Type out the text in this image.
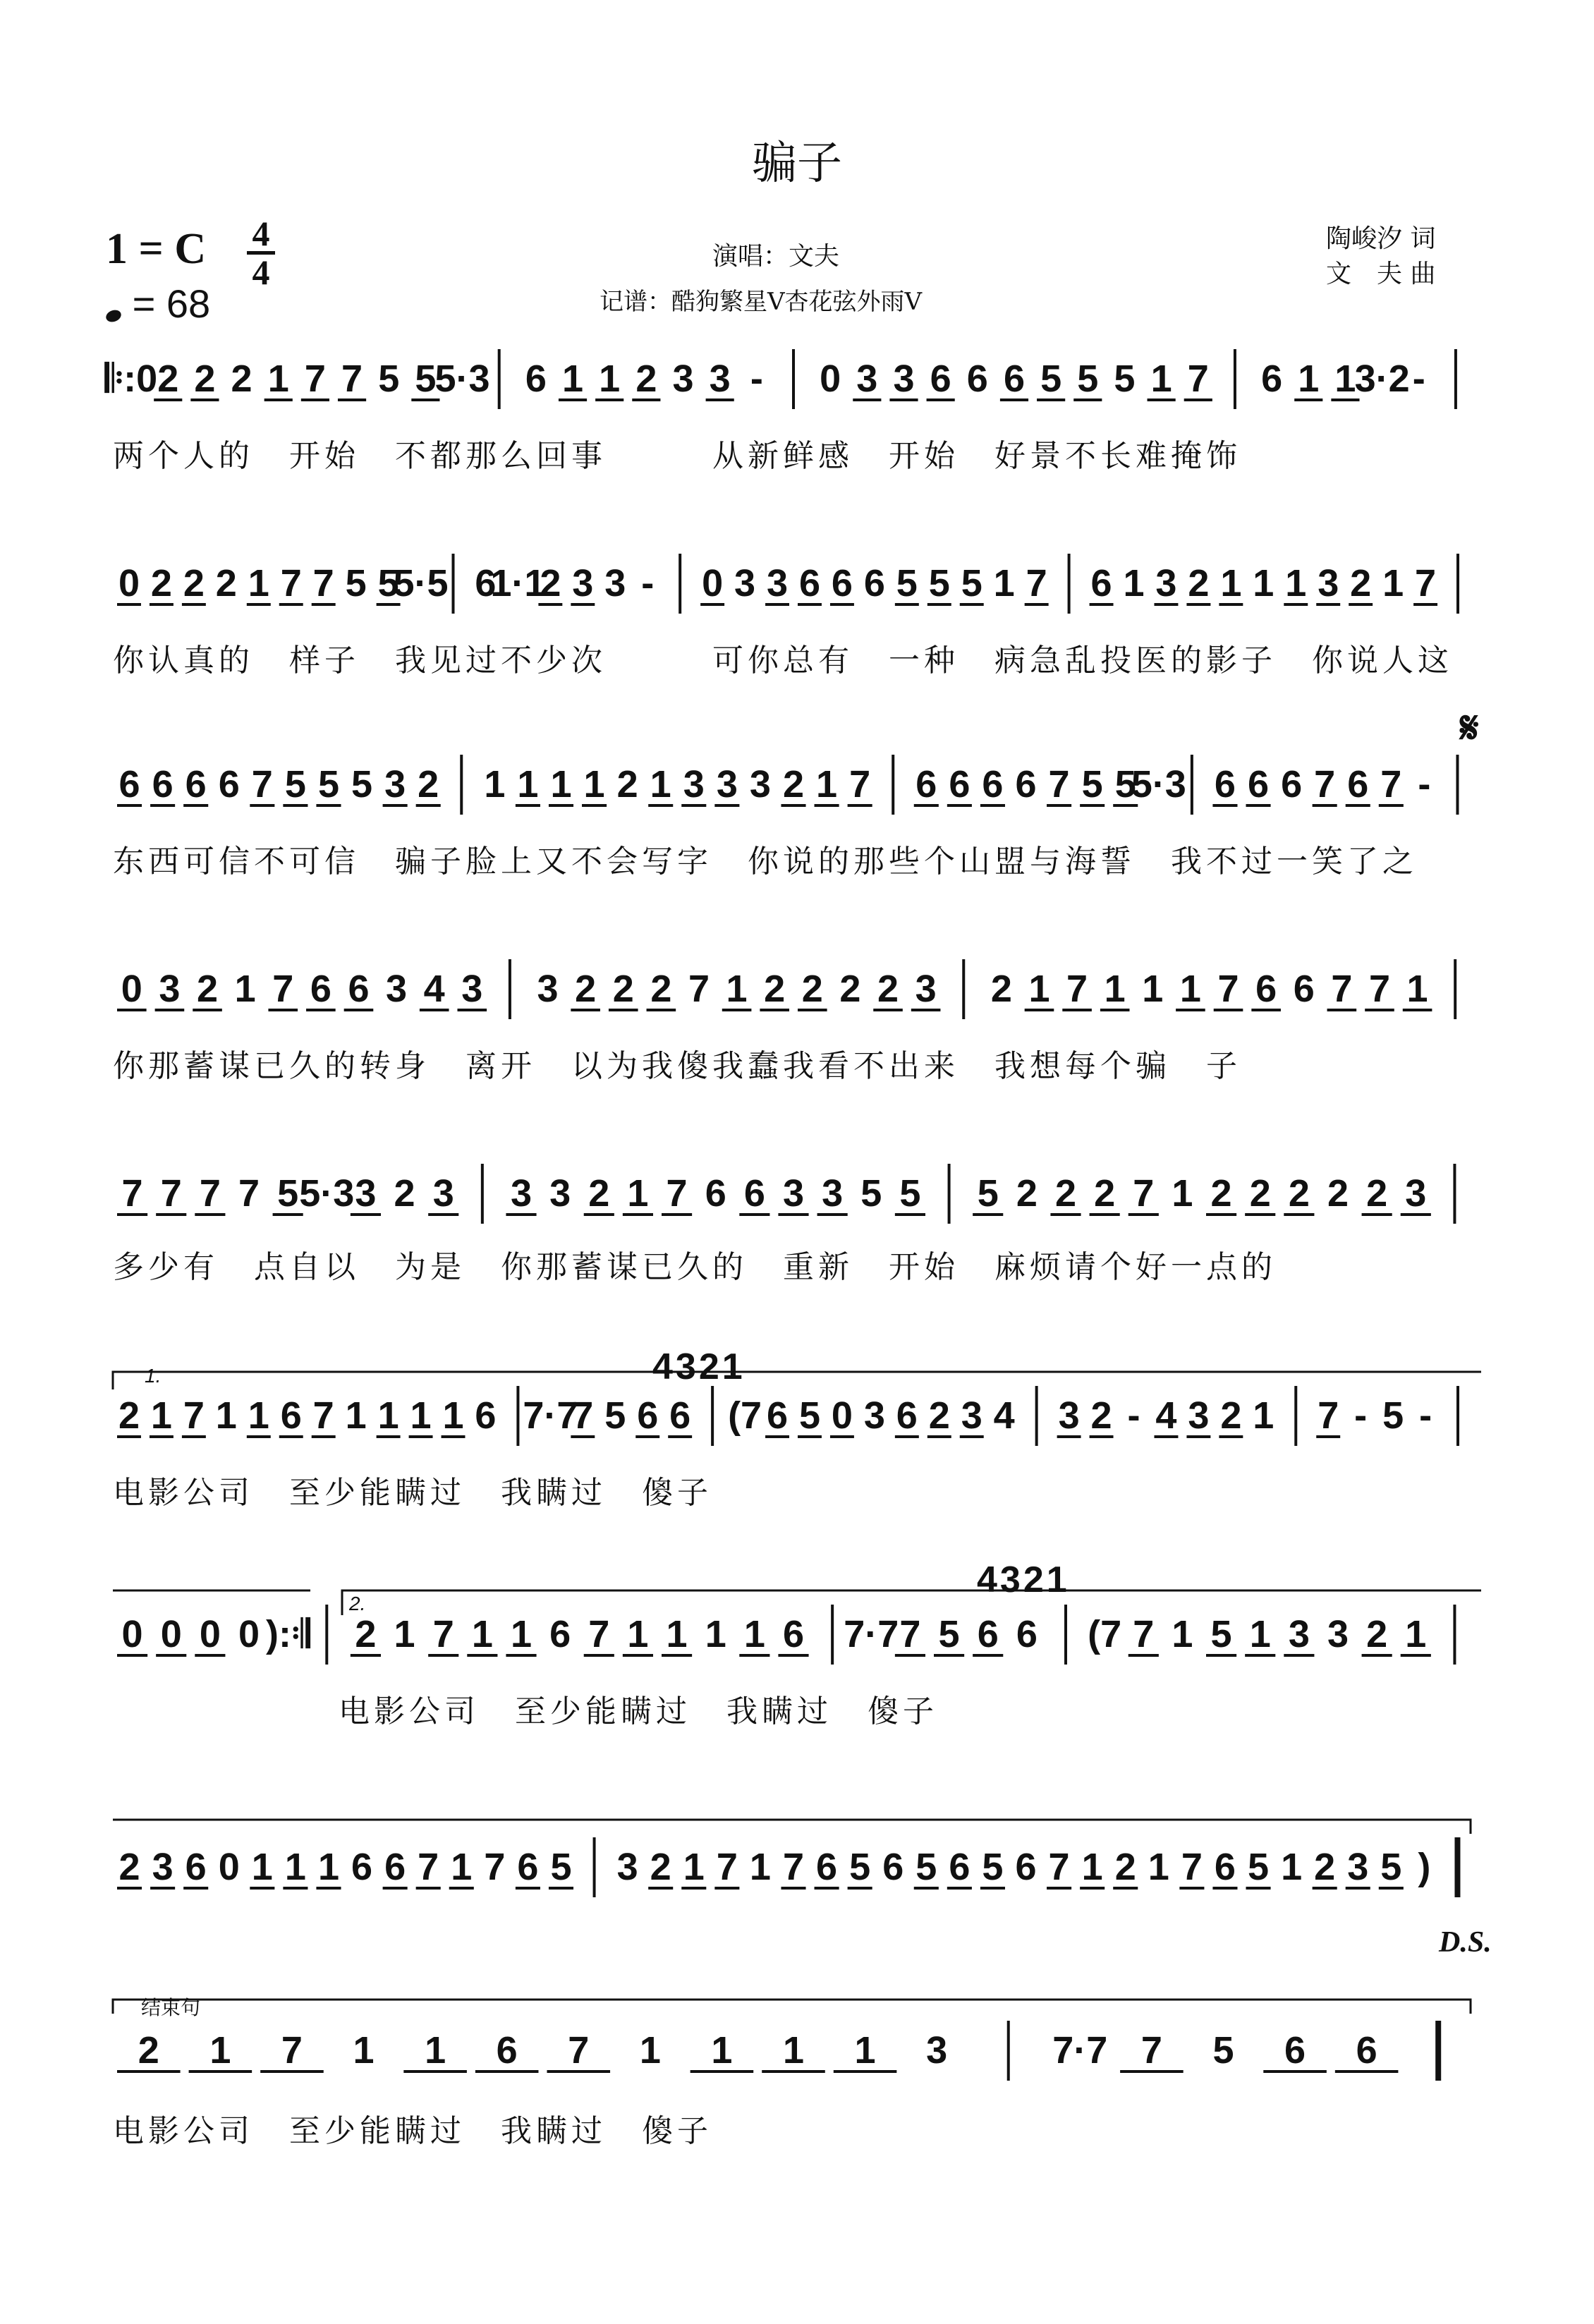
𝄆:0 2 2 2 1 7 7 5 5
5·3 6 1 1 2 3 3 - 0 3 3 6 6 6 5 5 5 1 7 6 1 1
3·2 -
0 2 2 2 1 7 7 5 5
5·5 6
1·1
2 3 3 - 0 3 3 6 6 6 5 5 5 1 7 6 1 3 2 1 1 1 3 2 1 7
6 6 6 6 7 5 5 5 3 2 1 1 1 1 2 1 3 3 3 2 1 7 6 6 6 6 7 5 5
5·3 6 6 6 7 6 7 -
0 3 2 1 7 6 6 3 4 3 3 2 2 2 7 1 2 2 2 2 3 2 1 7 1 1 1 7 6 6 7 7 1
7 7 7 7 5 5·3 3 2 3 3 3 2 1 7 6 6 3 3 5 5 5 2 2 2 7 1 2 2 2 2 2 3
2 1 7 1 1 6 7 1 1 1 1 6 7·7
7 5 6 6 (7 6 5 0 3 6 2 3 4 3 2 - 4 3 2 1 7 - 5 -
0 0 0 0 ):𝄇 2 1 7 1 1 6 7 1 1 1 1 6 7·7 7 5 6 6 (7 7 1 5 1 3 3 2 1
2 3 6 0 1 1 1 6 6 7 1 7 6 5 3 2 1 7 1 7 6 5 6 5 6 5 6 7 1 2 1 7 6 5 1 2 3 5 )
2 1 7 1 1 6 7 1 1 1 1 3	7·7 7 5 6 6
骗子
1 = C 4
4
= 68
演唱：文夫
记谱：酷狗繁星V杏花弦外雨V
陶峻汐 词
文　夫 曲
𝄋
D.S.
1.
2.
结束句
4321
4321
两个人的　开始　不都那么回事　　　从新鲜感　开始　好景不长难掩饰
你认真的　样子　我见过不少次　　　可你总有　一种　病急乱投医的影子　你说人这
东西可信不可信　骗子脸上又不会写字　你说的那些个山盟与海誓　我不过一笑了之
你那蓄谋已久的转身　离开　以为我傻我蠢我看不出来　我想每个骗　子
多少有　点自以　为是　你那蓄谋已久的　重新　开始　麻烦请个好一点的
电影公司　至少能瞒过　我瞒过　傻子
电影公司　至少能瞒过　我瞒过　傻子
电影公司　至少能瞒过　我瞒过　傻子
